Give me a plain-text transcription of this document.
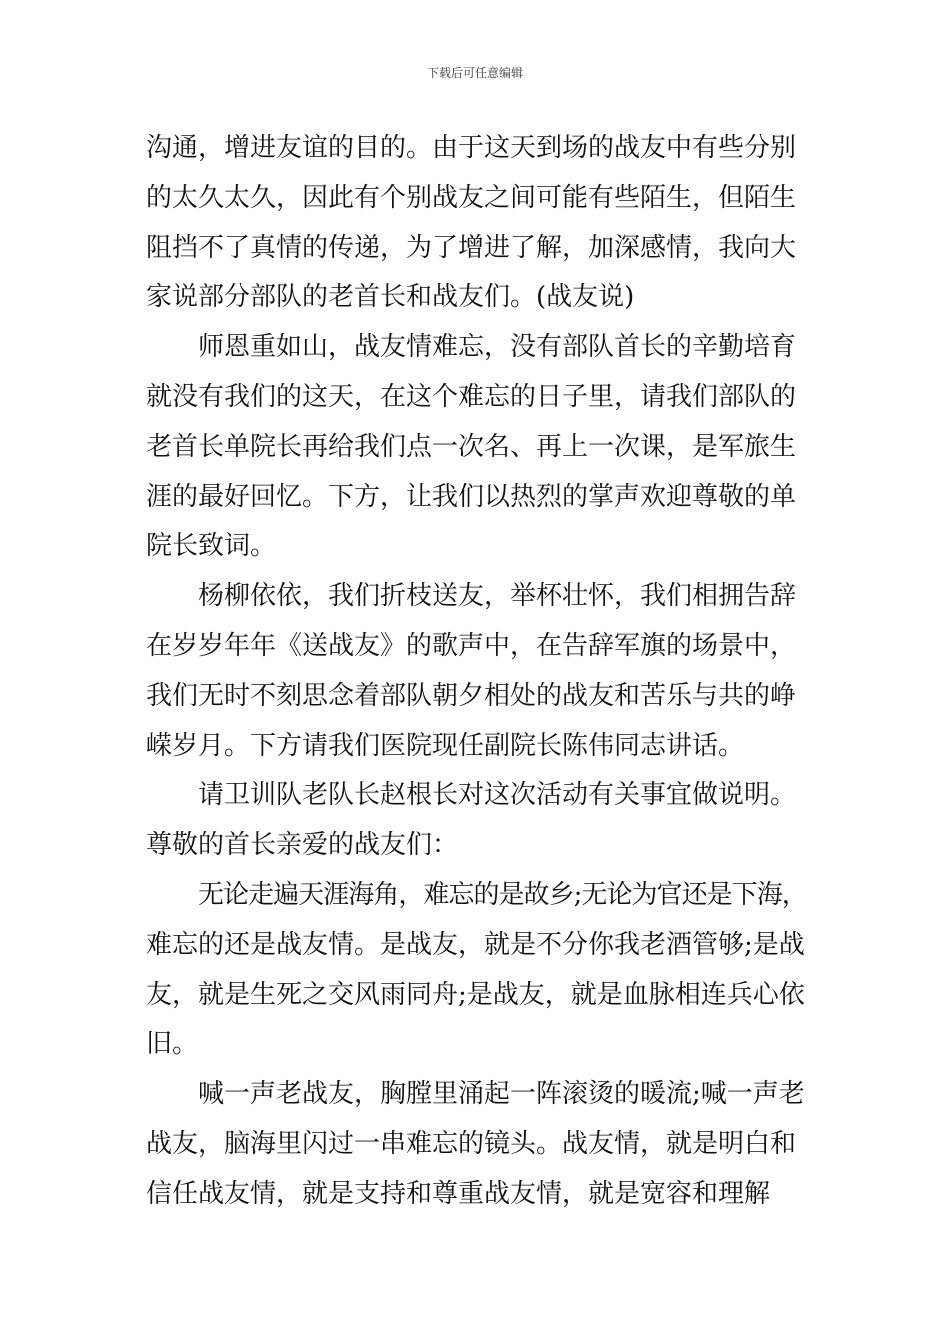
下载后可任意编辑
沟通，增进友谊的目的。由于这天到场的战友中有些分别
的太久太久，因此有个别战友之间可能有些陌生，但陌生
阻挡不了真情的传递，为了增进了解，加深感情，我向大
家说部分部队的老首长和战友们。(战友说)
师恩重如山，战友情难忘，没有部队首长的辛勤培育
就没有我们的这天，在这个难忘的日子里，请我们部队的
老首长单院长再给我们点一次名、再上一次课，是军旅生
涯的最好回忆。下方，让我们以热烈的掌声欢迎尊敬的单
院长致词。
杨柳依依，我们折枝送友，举杯壮怀，我们相拥告辞
在岁岁年年《送战友》的歌声中，在告辞军旗的场景中，
我们无时不刻思念着部队朝夕相处的战友和苦乐与共的峥
嵘岁月。下方请我们医院现任副院长陈伟同志讲话。
请卫训队老队长赵根长对这次活动有关事宜做说明。
尊敬的首长亲爱的战友们：
无论走遍天涯海角，难忘的是故乡;无论为官还是下海，
难忘的还是战友情。是战友，就是不分你我老酒管够;是战
友，就是生死之交风雨同舟;是战友，就是血脉相连兵心依
旧。
喊一声老战友，胸膛里涌起一阵滚烫的暖流;喊一声老
战友，脑海里闪过一串难忘的镜头。战友情，就是明白和
信任战友情，就是支持和尊重战友情，就是宽容和理解
